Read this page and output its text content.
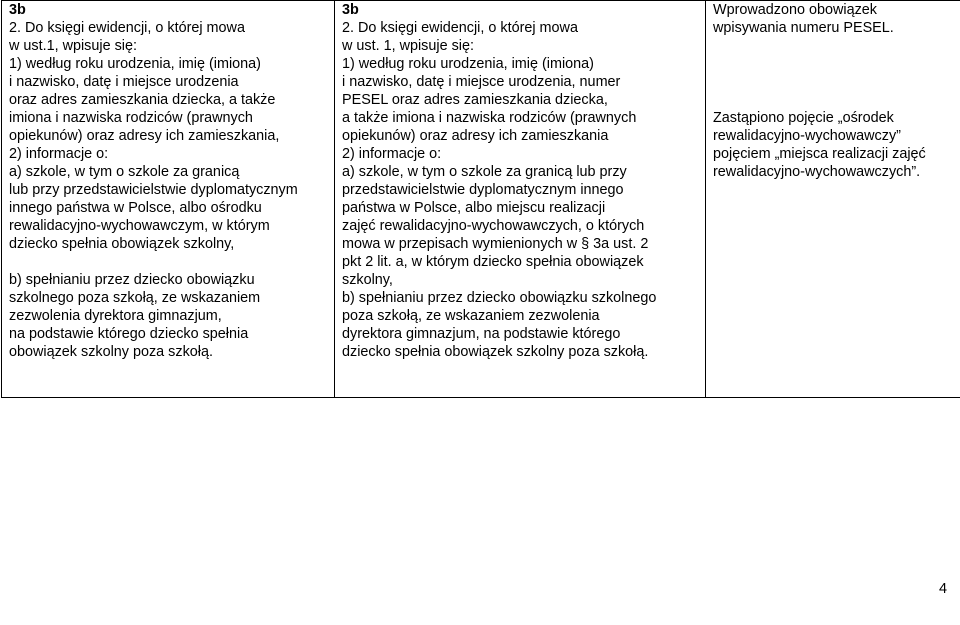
3b
2. Do księgi ewidencji, o której mowa
w ust.1, wpisuje się:
1) według roku urodzenia, imię (imiona)
i nazwisko, datę i miejsce urodzenia
oraz adres zamieszkania dziecka, a także
imiona i nazwiska rodziców (prawnych
opiekunów) oraz adresy ich zamieszkania,
2) informacje o:
a) szkole, w tym o szkole za granicą
lub przy przedstawicielstwie dyplomatycznym
innego państwa w Polsce, albo ośrodku
rewalidacyjno-wychowawczym, w którym
dziecko spełnia obowiązek szkolny,
b) spełnianiu przez dziecko obowiązku
szkolnego poza szkołą, ze wskazaniem
zezwolenia dyrektora gimnazjum,
na podstawie którego dziecko spełnia
obowiązek szkolny poza szkołą.

3b
2. Do księgi ewidencji, o której mowa
w ust. 1, wpisuje się:
1) według roku urodzenia, imię (imiona)
i nazwisko, datę i miejsce urodzenia, numer
PESEL oraz adres zamieszkania dziecka,
a także imiona i nazwiska rodziców (prawnych
opiekunów) oraz adresy ich zamieszkania
2) informacje o:
a) szkole, w tym o szkole za granicą lub przy
przedstawicielstwie dyplomatycznym innego
państwa w Polsce, albo miejscu realizacji
zajęć rewalidacyjno-wychowawczych, o których
mowa w przepisach wymienionych w § 3a ust. 2
pkt 2 lit. a, w którym dziecko spełnia obowiązek
szkolny,
b) spełnianiu przez dziecko obowiązku szkolnego
poza szkołą, ze wskazaniem zezwolenia
dyrektora gimnazjum, na podstawie którego
dziecko spełnia obowiązek szkolny poza szkołą.

Wprowadzono obowiązek
wpisywania numeru PESEL.
Zastąpiono pojęcie „ośrodek
rewalidacyjno-wychowawczy”
pojęciem „miejsca realizacji zajęć
rewalidacyjno-wychowawczych”.
4
